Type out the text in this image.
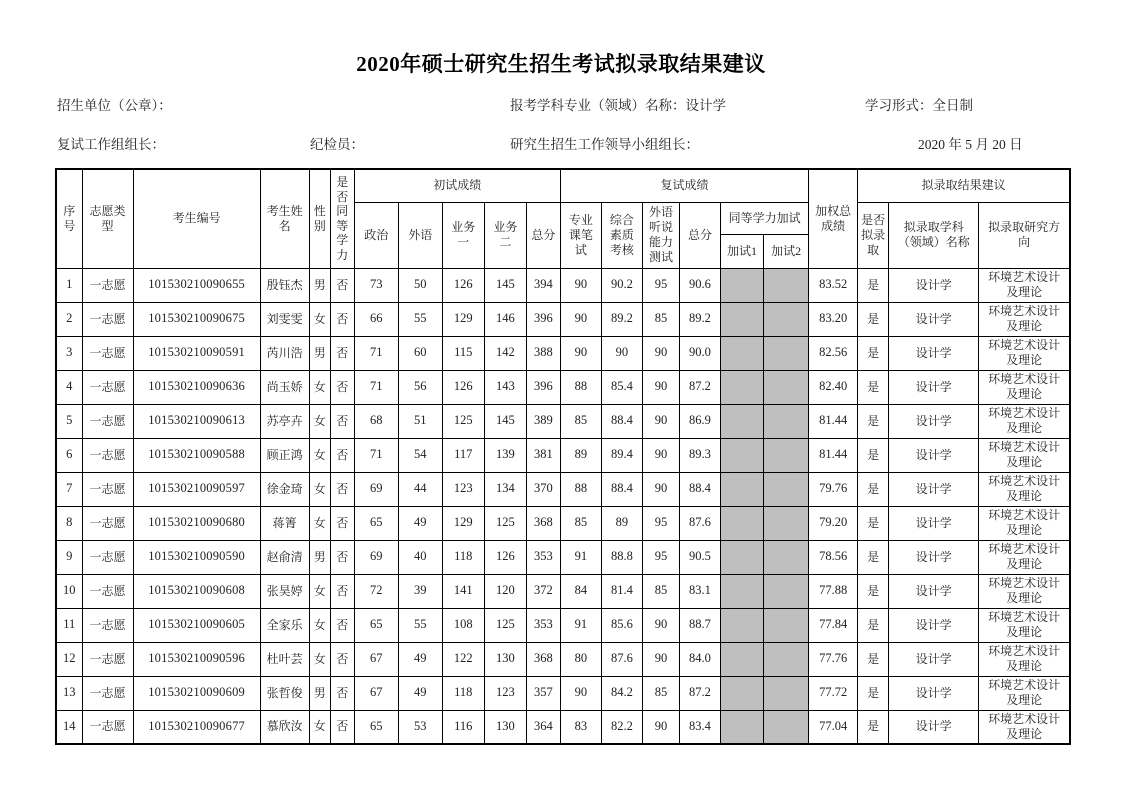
2020年硕士研究生招生考试拟录取结果建议
招生单位（公章）：	报考学科专业（领域）名称：设计学	学习形式：全日制
复试工作组组长：	纪检员：	研究生招生工作领导小组组长：	2020 年 5 月 20 日
序号	志愿类型	考生编号	考生姓名	性别	是否同等学力	初试成绩					复试成绩						加权总成绩	拟录取结果建议		
						政治	外语	业务一	业务二	总分	专业课笔试	综合素质考核	外语听说能力测试	总分	同等学力加试			是否拟录取	拟录取学科（领域）名称	拟录取研究方向
															加试1	加试2				
1	一志愿	101530210090655	殷钰杰	男	否	73	50	126	145	394	90	90.2	95	90.6			83.52	是	设计学	环境艺术设计及理论
2	一志愿	101530210090675	刘雯雯	女	否	66	55	129	146	396	90	89.2	85	89.2			83.20	是	设计学	环境艺术设计及理论
3	一志愿	101530210090591	芮川浩	男	否	71	60	115	142	388	90	90	90	90.0			82.56	是	设计学	环境艺术设计及理论
4	一志愿	101530210090636	尚玉娇	女	否	71	56	126	143	396	88	85.4	90	87.2			82.40	是	设计学	环境艺术设计及理论
5	一志愿	101530210090613	苏亭卉	女	否	68	51	125	145	389	85	88.4	90	86.9			81.44	是	设计学	环境艺术设计及理论
6	一志愿	101530210090588	顾正鸿	女	否	71	54	117	139	381	89	89.4	90	89.3			81.44	是	设计学	环境艺术设计及理论
7	一志愿	101530210090597	徐金琦	女	否	69	44	123	134	370	88	88.4	90	88.4			79.76	是	设计学	环境艺术设计及理论
8	一志愿	101530210090680	蒋箐	女	否	65	49	129	125	368	85	89	95	87.6			79.20	是	设计学	环境艺术设计及理论
9	一志愿	101530210090590	赵俞清	男	否	69	40	118	126	353	91	88.8	95	90.5			78.56	是	设计学	环境艺术设计及理论
10	一志愿	101530210090608	张昊婷	女	否	72	39	141	120	372	84	81.4	85	83.1			77.88	是	设计学	环境艺术设计及理论
11	一志愿	101530210090605	全家乐	女	否	65	55	108	125	353	91	85.6	90	88.7			77.84	是	设计学	环境艺术设计及理论
12	一志愿	101530210090596	杜叶芸	女	否	67	49	122	130	368	80	87.6	90	84.0			77.76	是	设计学	环境艺术设计及理论
13	一志愿	101530210090609	张哲俊	男	否	67	49	118	123	357	90	84.2	85	87.2			77.72	是	设计学	环境艺术设计及理论
14	一志愿	101530210090677	慕欣汝	女	否	65	53	116	130	364	83	82.2	90	83.4			77.04	是	设计学	环境艺术设计及理论
